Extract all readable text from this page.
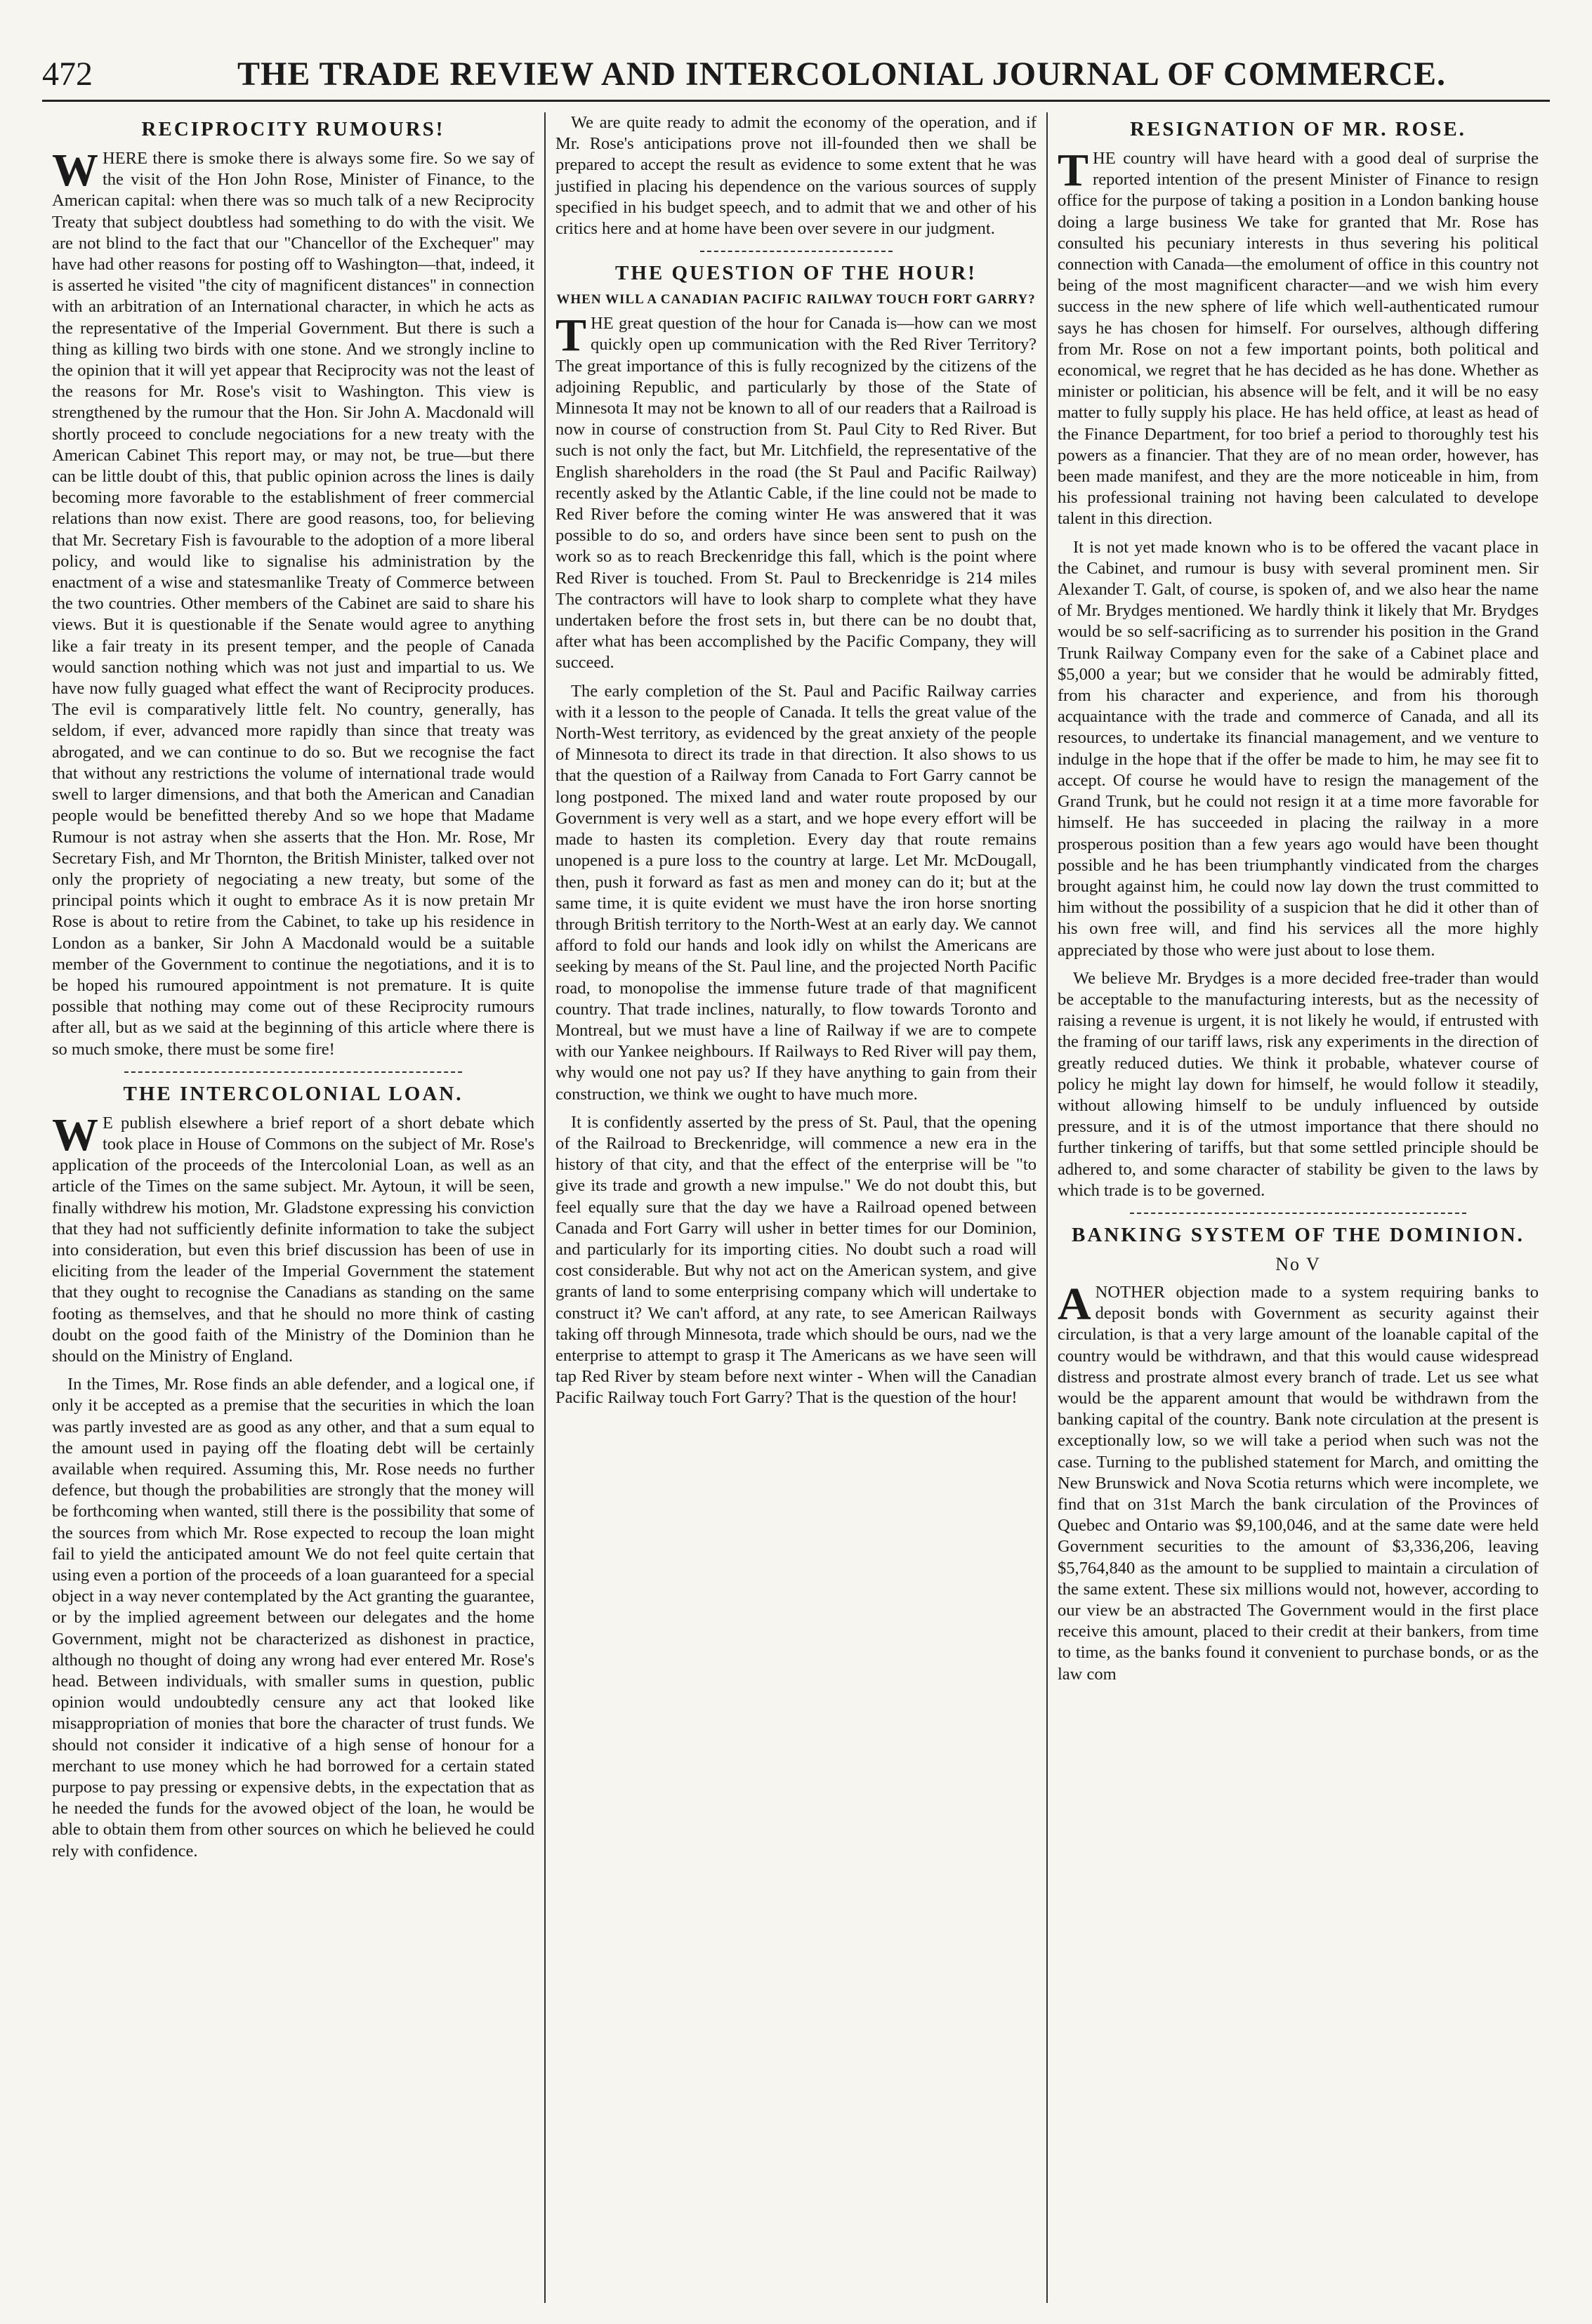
472	THE TRADE REVIEW AND INTERCOLONIAL JOURNAL OF COMMERCE.
RECIPROCITY RUMOURS!

WHERE there is smoke there is always some fire. So we say of the visit of the Hon John Rose, Minister of Finance, to the American capital: when there was so much talk of a new Reciprocity Treaty that subject doubtless had something to do with the visit. We are not blind to the fact that our "Chancellor of the Exchequer" may have had other reasons for posting off to Washington—that, indeed, it is asserted he visited "the city of magnificent distances" in connection with an arbitration of an International character, in which he acts as the representative of the Imperial Government. But there is such a thing as killing two birds with one stone. And we strongly incline to the opinion that it will yet appear that Reciprocity was not the least of the reasons for Mr. Rose's visit to Washington. This view is strengthened by the rumour that the Hon. Sir John A. Macdonald will shortly proceed to conclude negociations for a new treaty with the American Cabinet This report may, or may not, be true—but there can be little doubt of this, that public opinion across the lines is daily becoming more favorable to the establishment of freer commercial relations than now exist. There are good reasons, too, for believing that Mr. Secretary Fish is favourable to the adoption of a more liberal policy, and would like to signalise his administration by the enactment of a wise and statesmanlike Treaty of Commerce between the two countries. Other members of the Cabinet are said to share his views. But it is questionable if the Senate would agree to anything like a fair treaty in its present temper, and the people of Canada would sanction nothing which was not just and impartial to us. We have now fully guaged what effect the want of Reciprocity produces. The evil is comparatively little felt. No country, generally, has seldom, if ever, advanced more rapidly than since that treaty was abrogated, and we can continue to do so. But we recognise the fact that without any restrictions the volume of international trade would swell to larger dimensions, and that both the American and Canadian people would be benefitted thereby And so we hope that Madame Rumour is not astray when she asserts that the Hon. Mr. Rose, Mr Secretary Fish, and Mr Thornton, the British Minister, talked over not only the propriety of negociating a new treaty, but some of the principal points which it ought to embrace As it is now pretain Mr Rose is about to retire from the Cabinet, to take up his residence in London as a banker, Sir John A Macdonald would be a suitable member of the Government to continue the negotiations, and it is to be hoped his rumoured appointment is not premature. It is quite possible that nothing may come out of these Reciprocity rumours after all, but as we said at the beginning of this article where there is so much smoke, there must be some fire!

THE INTERCOLONIAL LOAN.

WE publish elsewhere a brief report of a short debate which took place in House of Commons on the subject of Mr. Rose's application of the proceeds of the Intercolonial Loan, as well as an article of the Times on the same subject. Mr. Aytoun, it will be seen, finally withdrew his motion, Mr. Gladstone expressing his conviction that they had not sufficiently definite information to take the subject into consideration, but even this brief discussion has been of use in eliciting from the leader of the Imperial Government the statement that they ought to recognise the Canadians as standing on the same footing as themselves, and that he should no more think of casting doubt on the good faith of the Ministry of the Dominion than he should on the Ministry of England.

In the Times, Mr. Rose finds an able defender, and a logical one, if only it be accepted as a premise that the securities in which the loan was partly invested are as good as any other, and that a sum equal to the amount used in paying off the floating debt will be certainly available when required. Assuming this, Mr. Rose needs no further defence, but though the probabilities are strongly that the money will be forthcoming when wanted, still there is the possibility that some of the sources from which Mr. Rose expected to recoup the loan might fail to yield the anticipated amount We do not feel quite certain that using even a portion of the proceeds of a loan guaranteed for a special object in a way never contemplated by the Act granting the guarantee, or by the implied agreement between our delegates and the home Government, might not be characterized as dishonest in practice, although no thought of doing any wrong had ever entered Mr. Rose's head. Between individuals, with smaller sums in question, public opinion would undoubtedly censure any act that looked like misappropriation of monies that bore the character of trust funds. We should not consider it indicative of a high sense of honour for a merchant to use money which he had borrowed for a certain stated purpose to pay pressing or expensive debts, in the expectation that as he needed the funds for the avowed object of the loan, he would be able to obtain them from other sources on which he believed he could rely with confidence.

We are quite ready to admit the economy of the operation, and if Mr. Rose's anticipations prove not ill-founded then we shall be prepared to accept the result as evidence to some extent that he was justified in placing his dependence on the various sources of supply specified in his budget speech, and to admit that we and other of his critics here and at home have been over severe in our judgment.

THE QUESTION OF THE HOUR!
WHEN WILL A CANADIAN PACIFIC RAILWAY TOUCH FORT GARRY?

THE great question of the hour for Canada is—how can we most quickly open up communication with the Red River Territory? The great importance of this is fully recognized by the citizens of the adjoining Republic, and particularly by those of the State of Minnesota It may not be known to all of our readers that a Railroad is now in course of construction from St. Paul City to Red River. But such is not only the fact, but Mr. Litchfield, the representative of the English shareholders in the road (the St Paul and Pacific Railway) recently asked by the Atlantic Cable, if the line could not be made to Red River before the coming winter He was answered that it was possible to do so, and orders have since been sent to push on the work so as to reach Breckenridge this fall, which is the point where Red River is touched. From St. Paul to Breckenridge is 214 miles The contractors will have to look sharp to complete what they have undertaken before the frost sets in, but there can be no doubt that, after what has been accomplished by the Pacific Company, they will succeed.

The early completion of the St. Paul and Pacific Railway carries with it a lesson to the people of Canada. It tells the great value of the North-West territory, as evidenced by the great anxiety of the people of Minnesota to direct its trade in that direction. It also shows to us that the question of a Railway from Canada to Fort Garry cannot be long postponed. The mixed land and water route proposed by our Government is very well as a start, and we hope every effort will be made to hasten its completion. Every day that route remains unopened is a pure loss to the country at large. Let Mr. McDougall, then, push it forward as fast as men and money can do it; but at the same time, it is quite evident we must have the iron horse snorting through British territory to the North-West at an early day. We cannot afford to fold our hands and look idly on whilst the Americans are seeking by means of the St. Paul line, and the projected North Pacific road, to monopolise the immense future trade of that magnificent country. That trade inclines, naturally, to flow towards Toronto and Montreal, but we must have a line of Railway if we are to compete with our Yankee neighbours. If Railways to Red River will pay them, why would one not pay us? If they have anything to gain from their construction, we think we ought to have much more.

It is confidently asserted by the press of St. Paul, that the opening of the Railroad to Breckenridge, will commence a new era in the history of that city, and that the effect of the enterprise will be "to give its trade and growth a new impulse." We do not doubt this, but feel equally sure that the day we have a Railroad opened between Canada and Fort Garry will usher in better times for our Dominion, and particularly for its importing cities. No doubt such a road will cost considerable. But why not act on the American system, and give grants of land to some enterprising company which will undertake to construct it? We can't afford, at any rate, to see American Railways taking off through Minnesota, trade which should be ours, nad we the enterprise to attempt to grasp it The Americans as we have seen will tap Red River by steam before next winter - When will the Canadian Pacific Railway touch Fort Garry? That is the question of the hour!

RESIGNATION OF MR. ROSE.

THE country will have heard with a good deal of surprise the reported intention of the present Minister of Finance to resign office for the purpose of taking a position in a London banking house doing a large business We take for granted that Mr. Rose has consulted his pecuniary interests in thus severing his political connection with Canada—the emolument of office in this country not being of the most magnificent character—and we wish him every success in the new sphere of life which well-authenticated rumour says he has chosen for himself. For ourselves, although differing from Mr. Rose on not a few important points, both political and economical, we regret that he has decided as he has done. Whether as minister or politician, his absence will be felt, and it will be no easy matter to fully supply his place. He has held office, at least as head of the Finance Department, for too brief a period to thoroughly test his powers as a financier. That they are of no mean order, however, has been made manifest, and they are the more noticeable in him, from his professional training not having been calculated to develope talent in this direction.

It is not yet made known who is to be offered the vacant place in the Cabinet, and rumour is busy with several prominent men. Sir Alexander T. Galt, of course, is spoken of, and we also hear the name of Mr. Brydges mentioned. We hardly think it likely that Mr. Brydges would be so self-sacrificing as to surrender his position in the Grand Trunk Railway Company even for the sake of a Cabinet place and $5,000 a year; but we consider that he would be admirably fitted, from his character and experience, and from his thorough acquaintance with the trade and commerce of Canada, and all its resources, to undertake its financial management, and we venture to indulge in the hope that if the offer be made to him, he may see fit to accept. Of course he would have to resign the management of the Grand Trunk, but he could not resign it at a time more favorable for himself. He has succeeded in placing the railway in a more prosperous position than a few years ago would have been thought possible and he has been triumphantly vindicated from the charges brought against him, he could now lay down the trust committed to him without the possibility of a suspicion that he did it other than of his own free will, and find his services all the more highly appreciated by those who were just about to lose them.

We believe Mr. Brydges is a more decided free-trader than would be acceptable to the manufacturing interests, but as the necessity of raising a revenue is urgent, it is not likely he would, if entrusted with the framing of our tariff laws, risk any experiments in the direction of greatly reduced duties. We think it probable, whatever course of policy he might lay down for himself, he would follow it steadily, without allowing himself to be unduly influenced by outside pressure, and it is of the utmost importance that there should no further tinkering of tariffs, but that some settled principle should be adhered to, and some character of stability be given to the laws by which trade is to be governed.

BANKING SYSTEM OF THE DOMINION.
No V

ANOTHER objection made to a system requiring banks to deposit bonds with Government as security against their circulation, is that a very large amount of the loanable capital of the country would be withdrawn, and that this would cause widespread distress and prostrate almost every branch of trade. Let us see what would be the apparent amount that would be withdrawn from the banking capital of the country. Bank note circulation at the present is exceptionally low, so we will take a period when such was not the case. Turning to the published statement for March, and omitting the New Brunswick and Nova Scotia returns which were incomplete, we find that on 31st March the bank circulation of the Provinces of Quebec and Ontario was $9,100,046, and at the same date were held Government securities to the amount of $3,336,206, leaving $5,764,840 as the amount to be supplied to maintain a circulation of the same extent. These six millions would not, however, according to our view be an abstracted The Government would in the first place receive this amount, placed to their credit at their bankers, from time to time, as the banks found it convenient to purchase bonds, or as the law com
